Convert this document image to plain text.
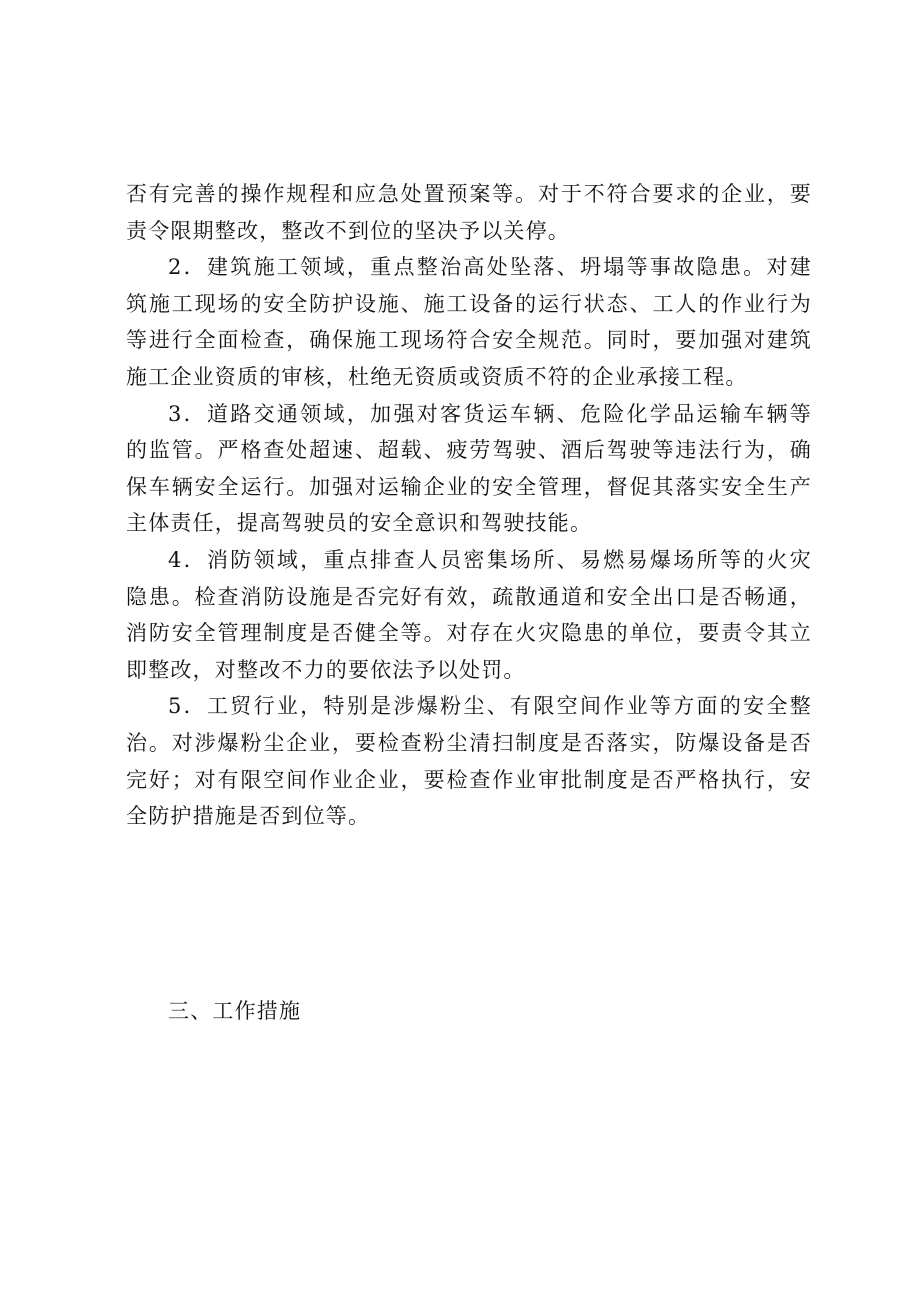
否有完善的操作规程和应急处置预案等。对于不符合要求的企业，要
责令限期整改，整改不到位的坚决予以关停。
2．建筑施工领域，重点整治高处坠落、坍塌等事故隐患。对建
筑施工现场的安全防护设施、施工设备的运行状态、工人的作业行为
等进行全面检查，确保施工现场符合安全规范。同时，要加强对建筑
施工企业资质的审核，杜绝无资质或资质不符的企业承接工程。
3．道路交通领域，加强对客货运车辆、危险化学品运输车辆等
的监管。严格查处超速、超载、疲劳驾驶、酒后驾驶等违法行为，确
保车辆安全运行。加强对运输企业的安全管理，督促其落实安全生产
主体责任，提高驾驶员的安全意识和驾驶技能。
4．消防领域，重点排查人员密集场所、易燃易爆场所等的火灾
隐患。检查消防设施是否完好有效，疏散通道和安全出口是否畅通，
消防安全管理制度是否健全等。对存在火灾隐患的单位，要责令其立
即整改，对整改不力的要依法予以处罚。
5．工贸行业，特别是涉爆粉尘、有限空间作业等方面的安全整
治。对涉爆粉尘企业，要检查粉尘清扫制度是否落实，防爆设备是否
完好；对有限空间作业企业，要检查作业审批制度是否严格执行，安
全防护措施是否到位等。
三、工作措施
